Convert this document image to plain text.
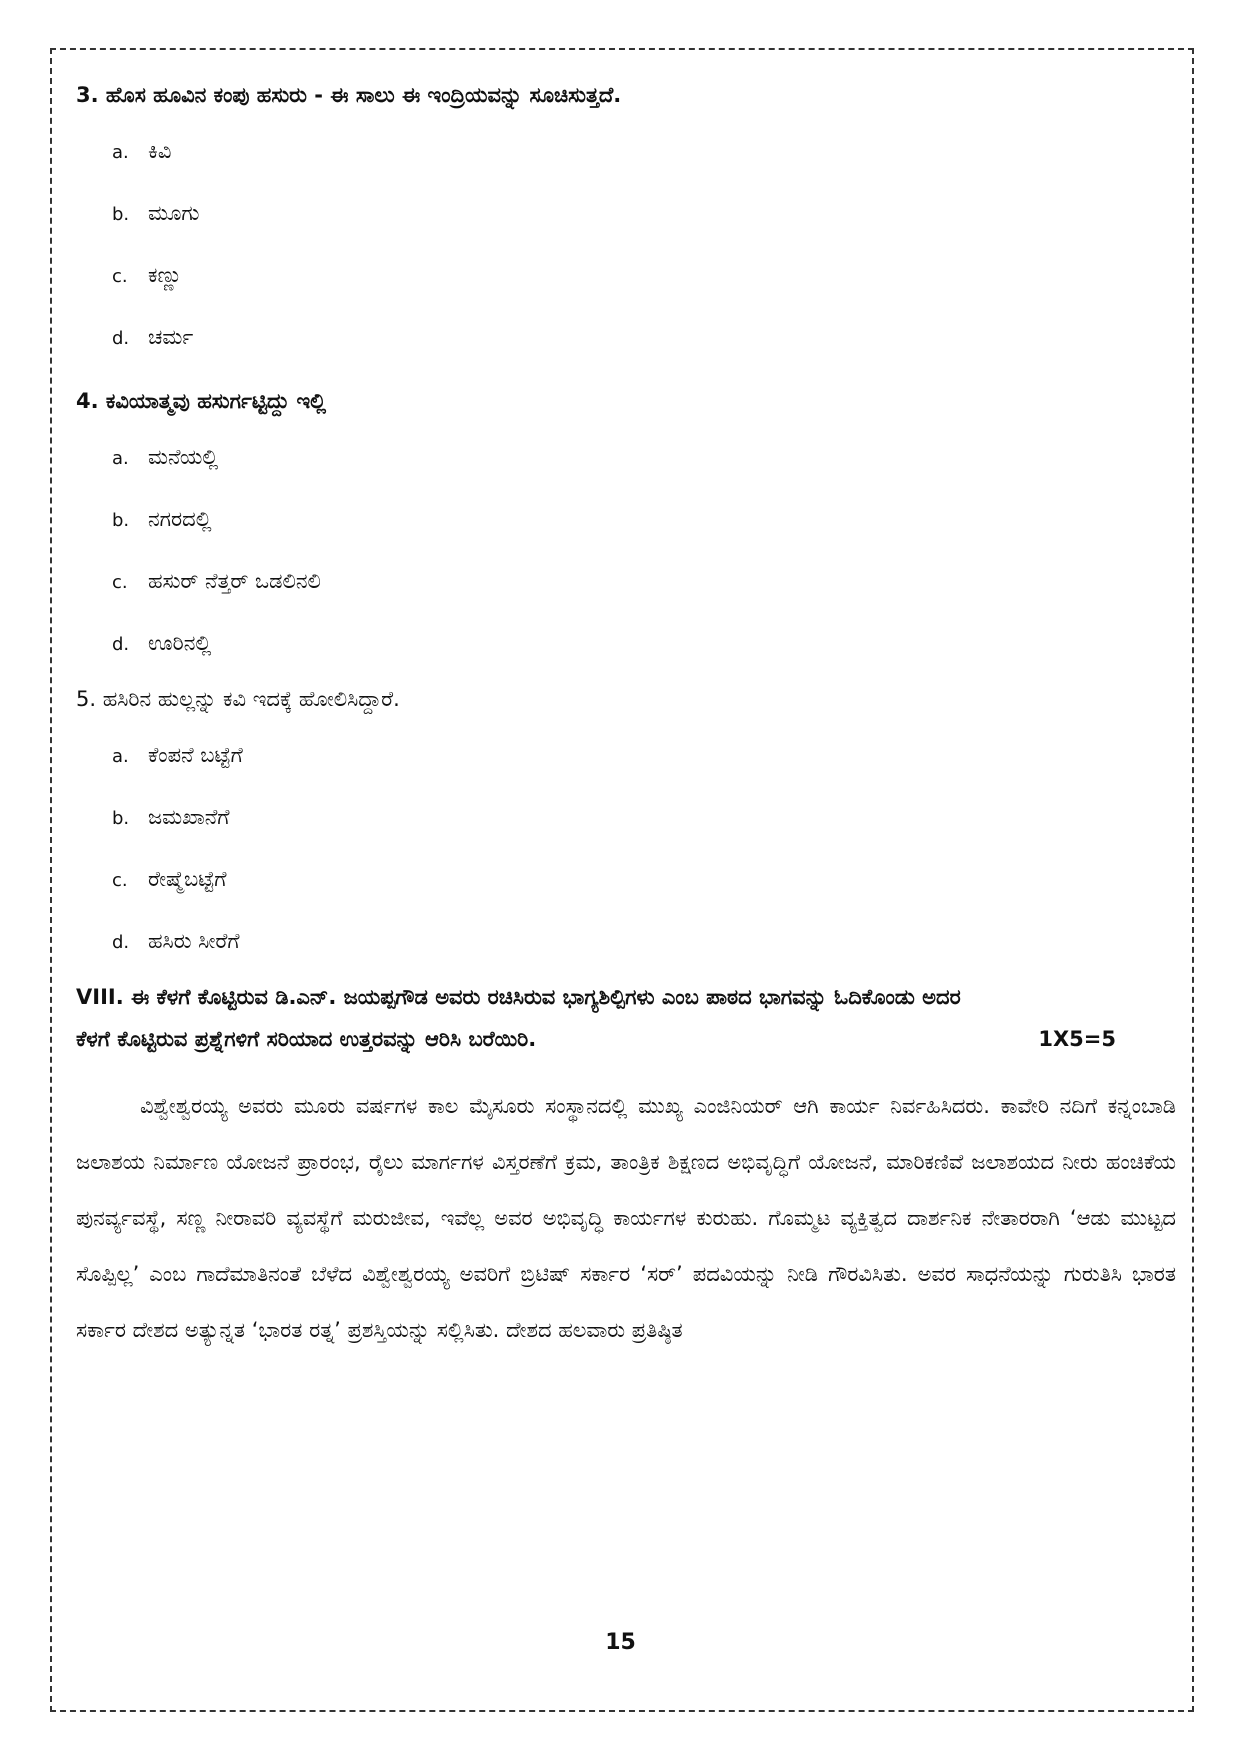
3. ಹೊಸ ಹೂವಿನ ಕಂಪು ಹಸುರು - ಈ ಸಾಲು ಈ ಇಂದ್ರಿಯವನ್ನು ಸೂಚಿಸುತ್ತದೆ.
a. ಕಿವಿ
b. ಮೂಗು
c. ಕಣ್ಣು
d. ಚರ್ಮ
4. ಕವಿಯಾತ್ಮವು ಹಸುರ್ಗಟ್ಟಿದ್ದು ಇಲ್ಲಿ
a. ಮನೆಯಲ್ಲಿ
b. ನಗರದಲ್ಲಿ
c. ಹಸುರ್ ನೆತ್ತರ್ ಒಡಲಿನಲಿ
d. ಊರಿನಲ್ಲಿ
5. ಹಸಿರಿನ ಹುಲ್ಲನ್ನು ಕವಿ ಇದಕ್ಕೆ ಹೋಲಿಸಿದ್ದಾರೆ.
a. ಕೆಂಪನೆ ಬಟ್ಟೆಗೆ
b. ಜಮಖಾನೆಗೆ
c. ರೇಷ್ಮೆಬಟ್ಟೆಗೆ
d. ಹಸಿರು ಸೀರೆಗೆ
VIII. ಈ ಕೆಳಗೆ ಕೊಟ್ಟಿರುವ ಡಿ.ಎನ್. ಜಯಪ್ಪಗೌಡ ಅವರು ರಚಿಸಿರುವ ಭಾಗ್ಯಶಿಲ್ಪಿಗಳು ಎಂಬ ಪಾಠದ ಭಾಗವನ್ನು ಓದಿಕೊಂಡು ಅದರ
ಕೆಳಗೆ ಕೊಟ್ಟಿರುವ ಪ್ರಶ್ನೆಗಳಿಗೆ ಸರಿಯಾದ ಉತ್ತರವನ್ನು ಆರಿಸಿ ಬರೆಯಿರಿ.	1X5=5

ವಿಶ್ವೇಶ್ವರಯ್ಯ ಅವರು ಮೂರು ವರ್ಷಗಳ ಕಾಲ ಮೈಸೂರು ಸಂಸ್ಥಾನದಲ್ಲಿ ಮುಖ್ಯ ಎಂಜಿನಿಯರ್ ಆಗಿ ಕಾರ್ಯ ನಿರ್ವಹಿಸಿದರು. ಕಾವೇರಿ ನದಿಗೆ ಕನ್ನಂಬಾಡಿ ಜಲಾಶಯ ನಿರ್ಮಾಣ ಯೋಜನೆ ಪ್ರಾರಂಭ, ರೈಲು ಮಾರ್ಗಗಳ ವಿಸ್ತರಣೆಗೆ ಕ್ರಮ, ತಾಂತ್ರಿಕ ಶಿಕ್ಷಣದ ಅಭಿವೃದ್ಧಿಗೆ ಯೋಜನೆ, ಮಾರಿಕಣಿವೆ ಜಲಾಶಯದ ನೀರು ಹಂಚಿಕೆಯ ಪುನರ್ವ್ಯವಸ್ಥೆ, ಸಣ್ಣ ನೀರಾವರಿ ವ್ಯವಸ್ಥೆಗೆ ಮರುಜೀವ, ಇವೆಲ್ಲ ಅವರ ಅಭಿವೃದ್ಧಿ ಕಾರ್ಯಗಳ ಕುರುಹು. ಗೊಮ್ಮಟ ವ್ಯಕ್ತಿತ್ವದ ದಾರ್ಶನಿಕ ನೇತಾರರಾಗಿ ‘ಆಡು ಮುಟ್ಟದ ಸೊಪ್ಪಿಲ್ಲ’ ಎಂಬ ಗಾದೆಮಾತಿನಂತೆ ಬೆಳೆದ ವಿಶ್ವೇಶ್ವರಯ್ಯ ಅವರಿಗೆ ಬ್ರಿಟಿಷ್ ಸರ್ಕಾರ ‘ಸರ್’ ಪದವಿಯನ್ನು ನೀಡಿ ಗೌರವಿಸಿತು. ಅವರ ಸಾಧನೆಯನ್ನು ಗುರುತಿಸಿ ಭಾರತ ಸರ್ಕಾರ ದೇಶದ ಅತ್ಯುನ್ನತ ‘ಭಾರತ ರತ್ನ’ ಪ್ರಶಸ್ತಿಯನ್ನು ಸಲ್ಲಿಸಿತು. ದೇಶದ ಹಲವಾರು ಪ್ರತಿಷ್ಠಿತ

15
